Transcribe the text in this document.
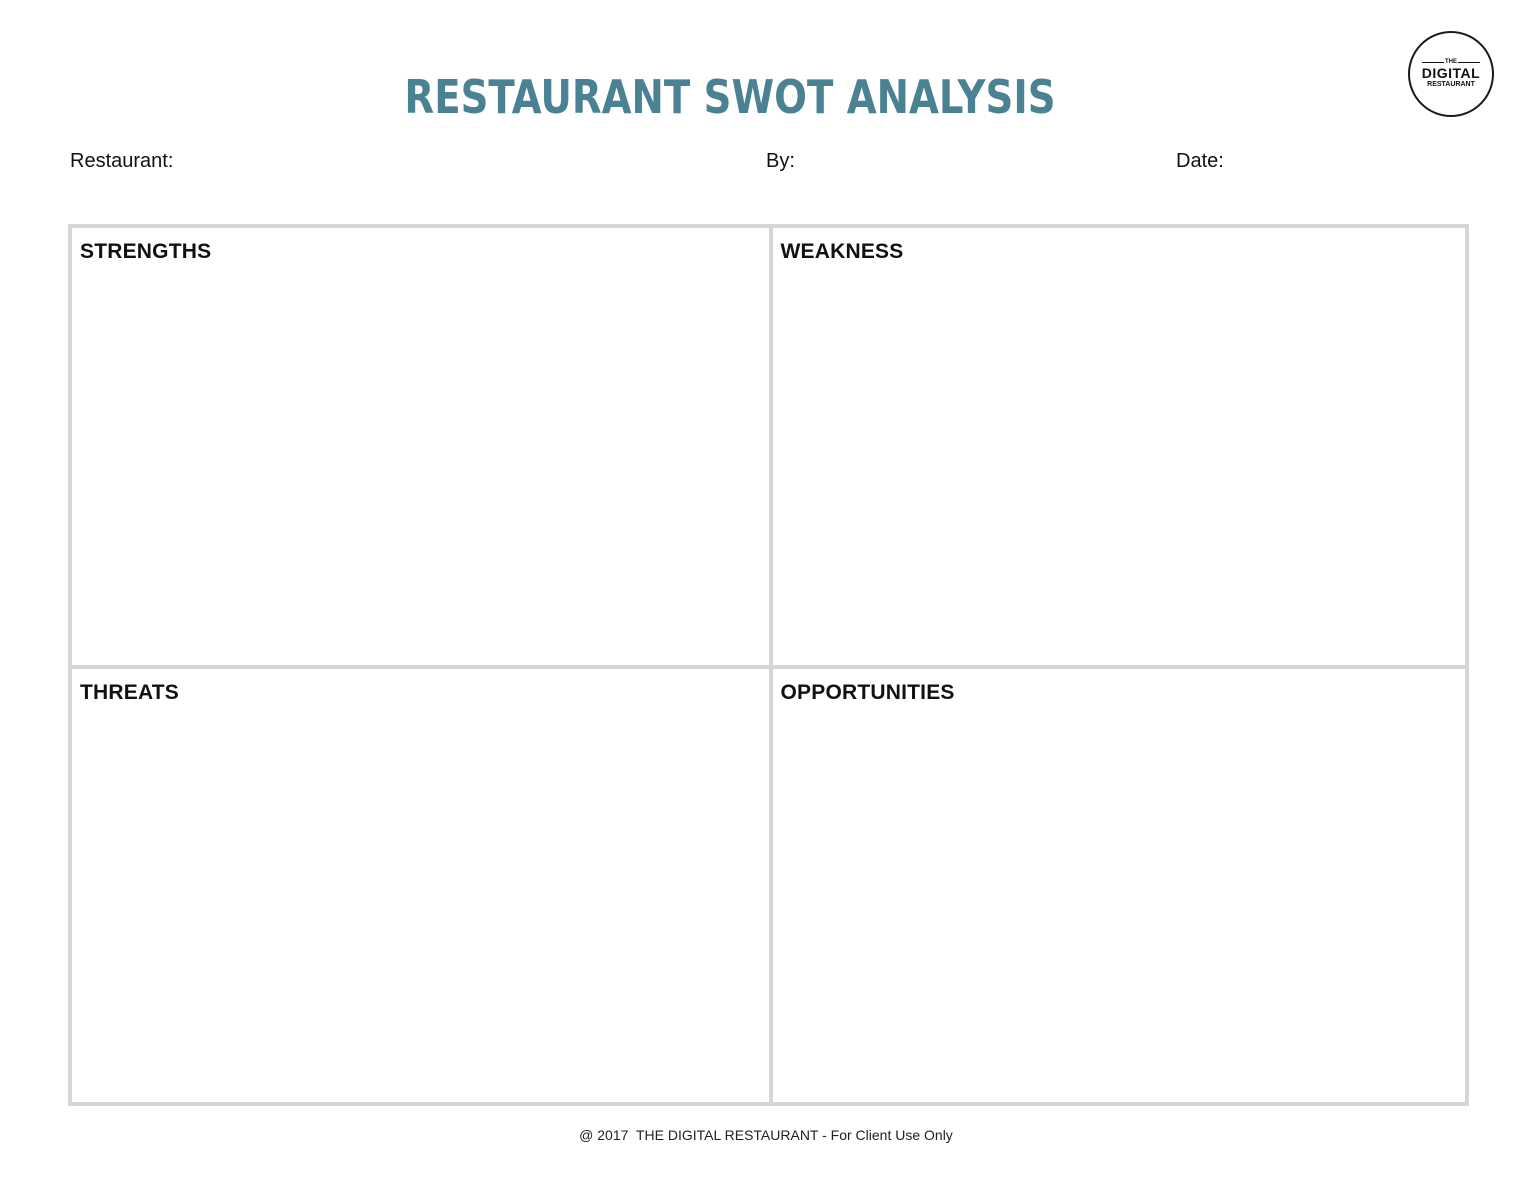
RESTAURANT SWOT ANALYSIS
THE
DIGITAL
RESTAURANT
Restaurant:	By:	Date:
STRENGTHS	WEAKNESS
THREATS	OPPORTUNITIES
@ 2017  THE DIGITAL RESTAURANT - For Client Use Only
